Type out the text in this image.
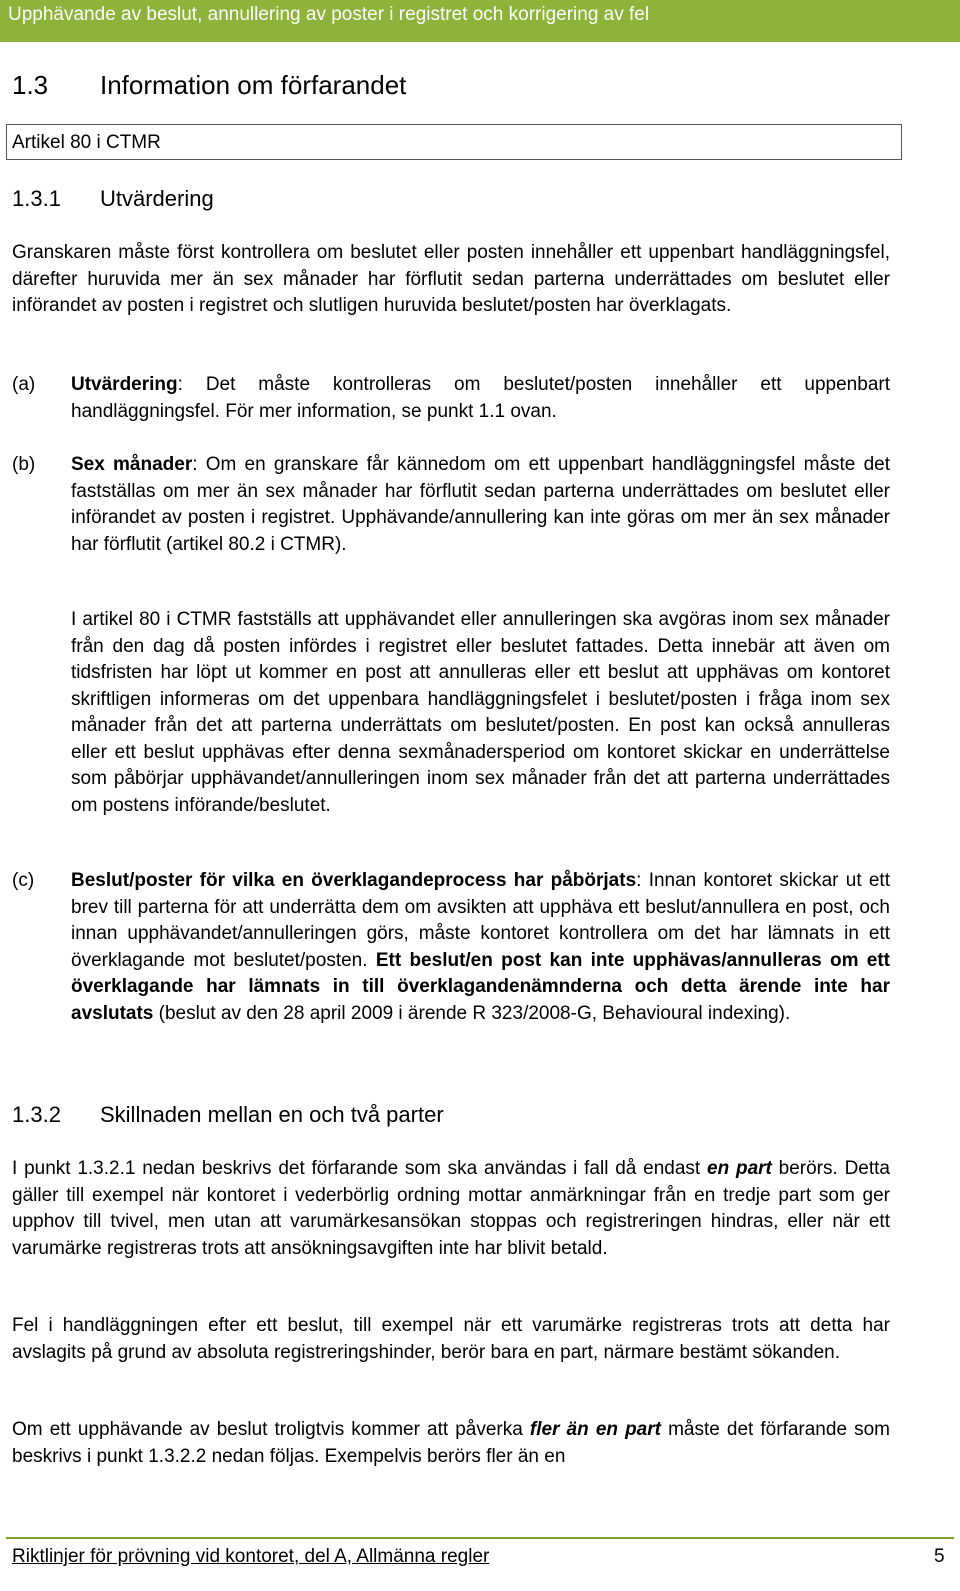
Upphävande av beslut, annullering av poster i registret och korrigering av fel
1.3 Information om förfarandet
Artikel 80 i CTMR
1.3.1 Utvärdering

Granskaren måste först kontrollera om beslutet eller posten innehåller ett uppenbart handläggningsfel, därefter huruvida mer än sex månader har förflutit sedan parterna underrättades om beslutet eller införandet av posten i registret och slutligen huruvida beslutet/posten har överklagats.

(a) Utvärdering: Det måste kontrolleras om beslutet/posten innehåller ett uppenbart handläggningsfel. För mer information, se punkt 1.1 ovan.

(b) Sex månader: Om en granskare får kännedom om ett uppenbart handläggningsfel måste det fastställas om mer än sex månader har förflutit sedan parterna underrättades om beslutet eller införandet av posten i registret. Upphävande/annullering kan inte göras om mer än sex månader har förflutit (artikel 80.2 i CTMR).

I artikel 80 i CTMR fastställs att upphävandet eller annulleringen ska avgöras inom sex månader från den dag då posten infördes i registret eller beslutet fattades. Detta innebär att även om tidsfristen har löpt ut kommer en post att annulleras eller ett beslut att upphävas om kontoret skriftligen informeras om det uppenbara handläggningsfelet i beslutet/posten i fråga inom sex månader från det att parterna underrättats om beslutet/posten. En post kan också annulleras eller ett beslut upphävas efter denna sexmånadersperiod om kontoret skickar en underrättelse som påbörjar upphävandet/annulleringen inom sex månader från det att parterna underrättades om postens införande/beslutet.

(c) Beslut/poster för vilka en överklagandeprocess har påbörjats: Innan kontoret skickar ut ett brev till parterna för att underrätta dem om avsikten att upphäva ett beslut/annullera en post, och innan upphävandet/annulleringen görs, måste kontoret kontrollera om det har lämnats in ett överklagande mot beslutet/posten. Ett beslut/en post kan inte upphävas/annulleras om ett överklagande har lämnats in till överklagandenämnderna och detta ärende inte har avslutats (beslut av den 28 april 2009 i ärende R 323/2008-G, Behavioural indexing).

1.3.2 Skillnaden mellan en och två parter

I punkt 1.3.2.1 nedan beskrivs det förfarande som ska användas i fall då endast en part berörs. Detta gäller till exempel när kontoret i vederbörlig ordning mottar anmärkningar från en tredje part som ger upphov till tvivel, men utan att varumärkesansökan stoppas och registreringen hindras, eller när ett varumärke registreras trots att ansökningsavgiften inte har blivit betald.

Fel i handläggningen efter ett beslut, till exempel när ett varumärke registreras trots att detta har avslagits på grund av absoluta registreringshinder, berör bara en part, närmare bestämt sökanden.

Om ett upphävande av beslut troligtvis kommer att påverka fler än en part måste det förfarande som beskrivs i punkt 1.3.2.2 nedan följas. Exempelvis berörs fler än en

Riktlinjer för prövning vid kontoret, del A, Allmänna regler	5
